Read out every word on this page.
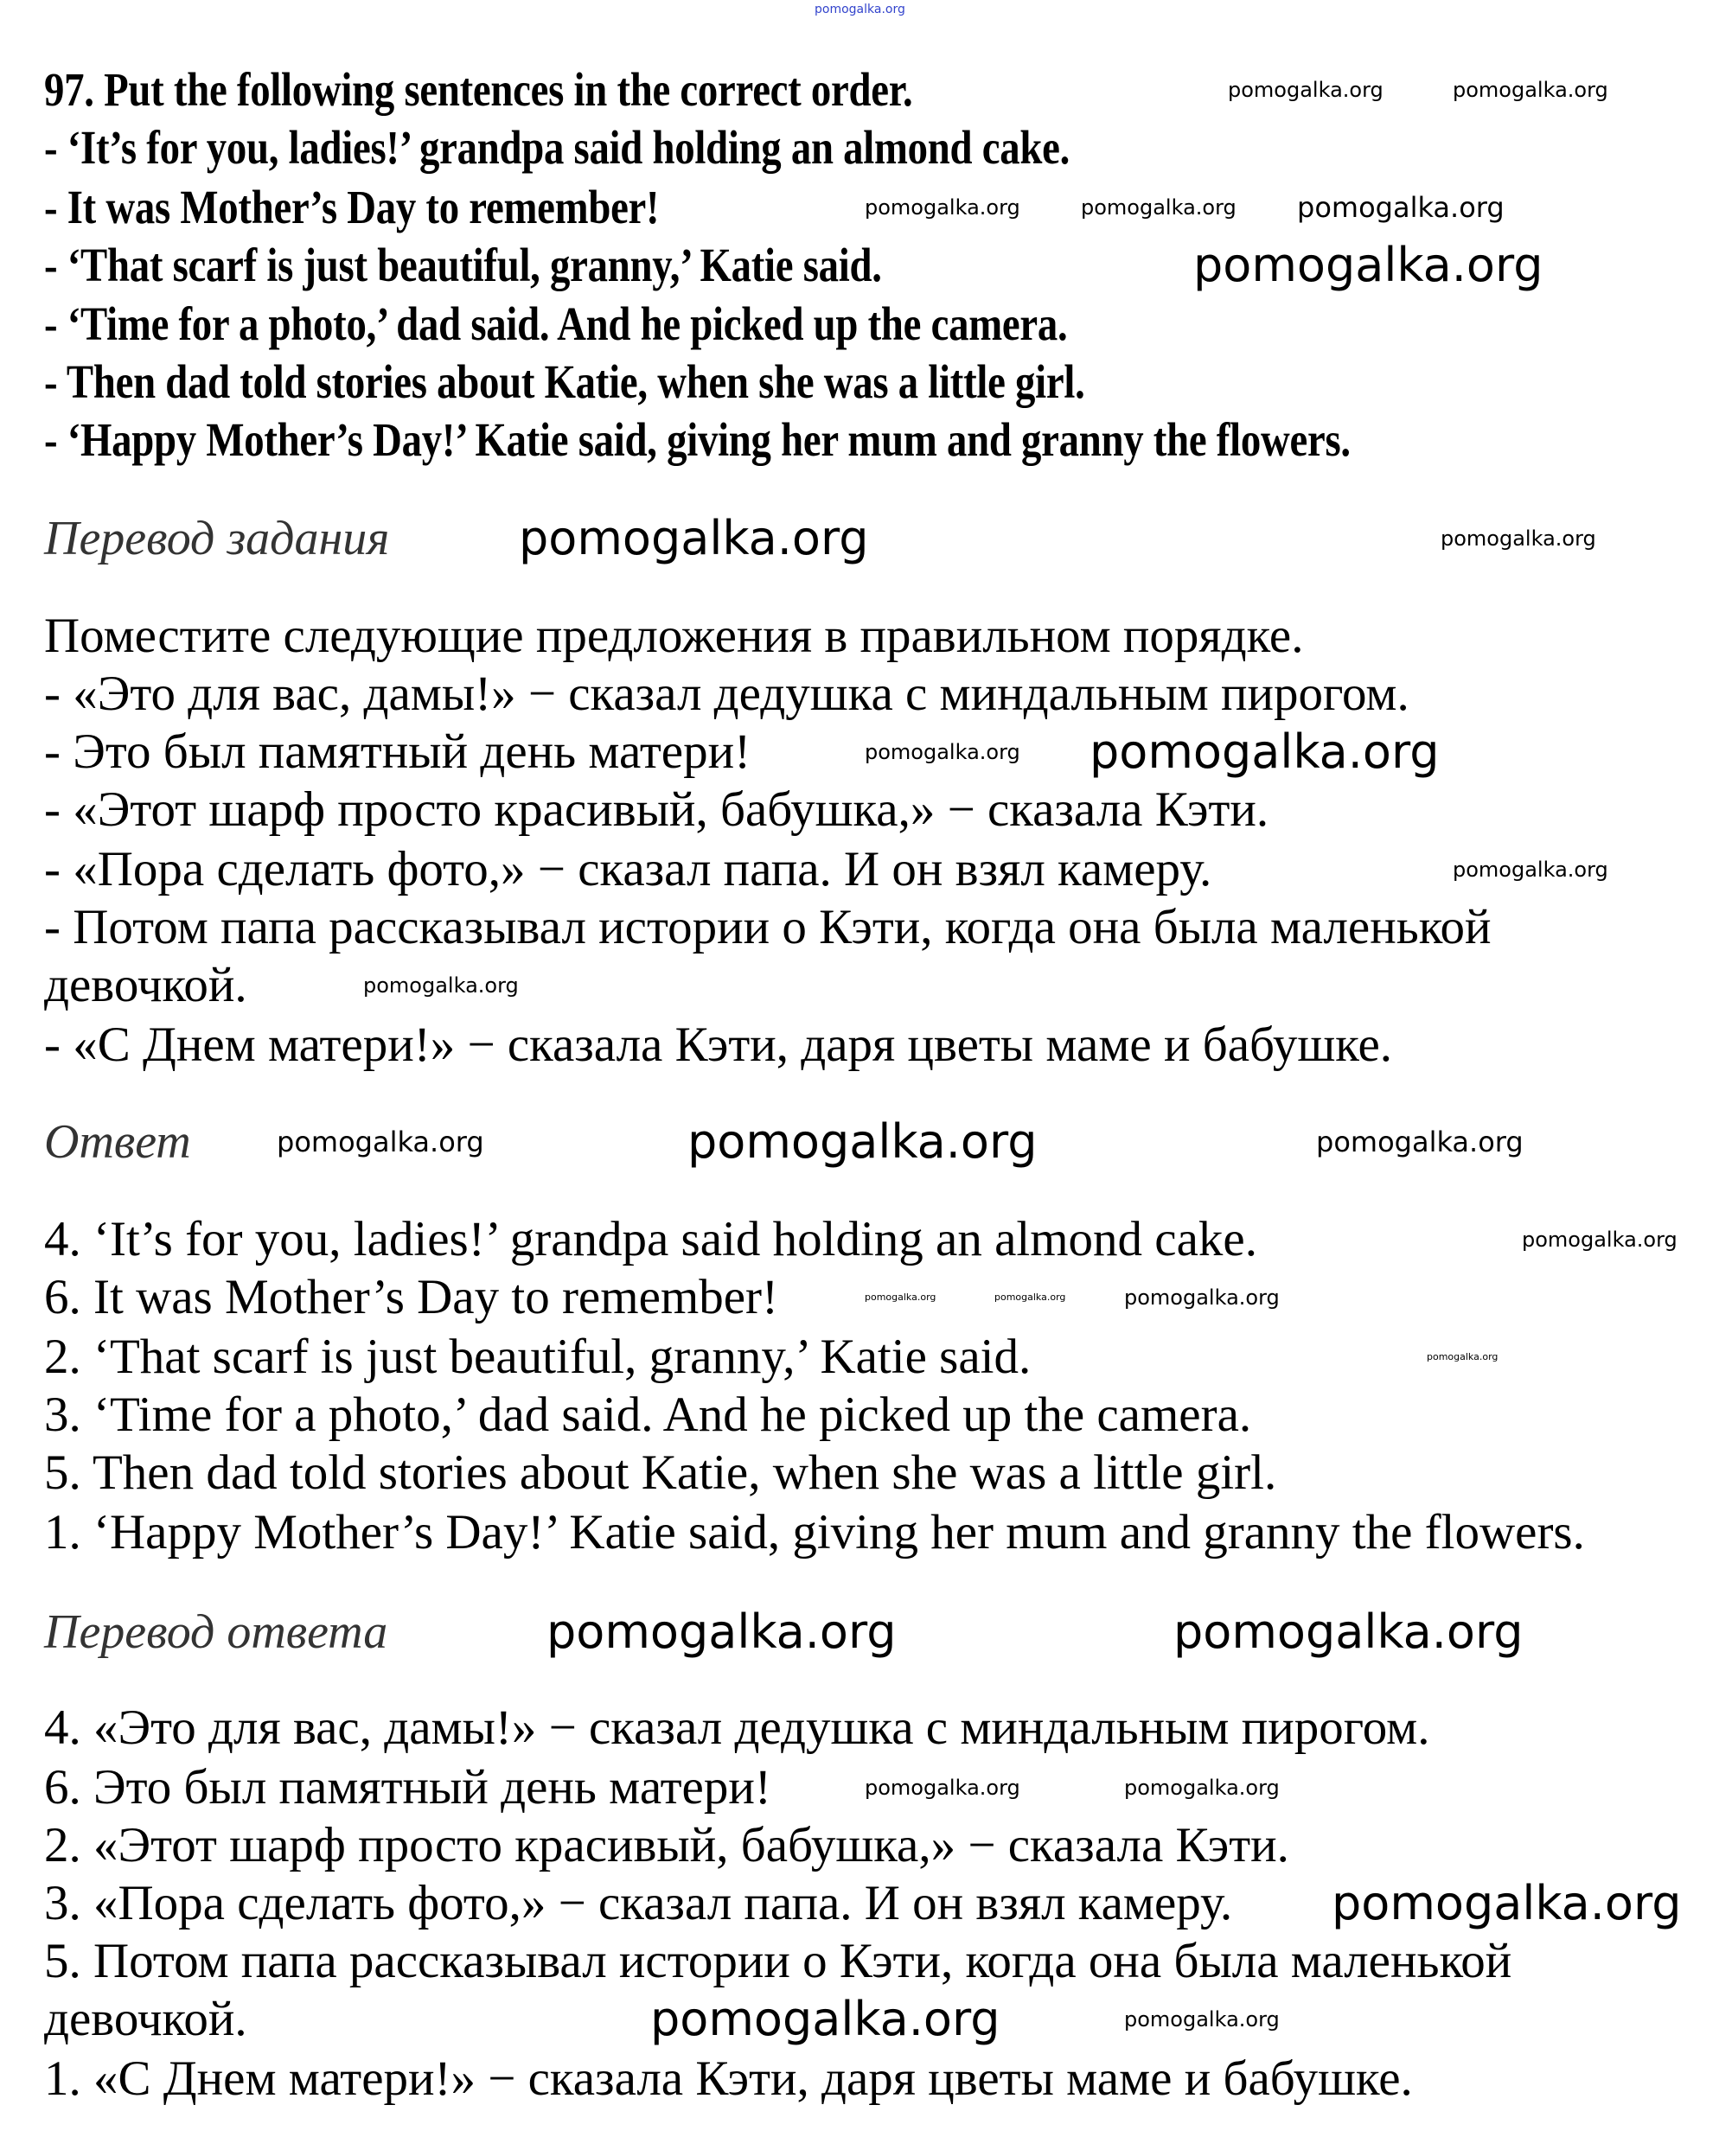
97. Put the following sentences in the correct order.
- ‘It’s for you, ladies!’ grandpa said holding an almond cake.
- It was Mother’s Day to remember!
- ‘That scarf is just beautiful, granny,’ Katie said.
- ‘Time for a photo,’ dad said. And he picked up the camera.
- Then dad told stories about Katie, when she was a little girl.
- ‘Happy Mother’s Day!’ Katie said, giving her mum and granny the flowers.
Перевод задания
Поместите следующие предложения в правильном порядке.
- «Это для вас, дамы!» − сказал дедушка с миндальным пирогом.
- Это был памятный день матери!
- «Этот шарф просто красивый, бабушка,» − сказала Кэти.
- «Пора сделать фото,» − сказал папа. И он взял камеру.
- Потом папа рассказывал истории о Кэти, когда она была маленькой
девочкой.
- «С Днем матери!» − сказала Кэти, даря цветы маме и бабушке.
Ответ
4. ‘It’s for you, ladies!’ grandpa said holding an almond cake.
6. It was Mother’s Day to remember!
2. ‘That scarf is just beautiful, granny,’ Katie said.
3. ‘Time for a photo,’ dad said. And he picked up the camera.
5. Then dad told stories about Katie, when she was a little girl.
1. ‘Happy Mother’s Day!’ Katie said, giving her mum and granny the flowers.
Перевод ответа
4. «Это для вас, дамы!» − сказал дедушка с миндальным пирогом.
6. Это был памятный день матери!
2. «Этот шарф просто красивый, бабушка,» − сказала Кэти.
3. «Пора сделать фото,» − сказал папа. И он взял камеру.
5. Потом папа рассказывал истории о Кэти, когда она была маленькой
девочкой.
1. «С Днем матери!» − сказала Кэти, даря цветы маме и бабушке.
pomogalka.org
pomogalka.org	pomogalka.org
pomogalka.org	pomogalka.org pomogalka.org
pomogalka.org
pomogalka.org	pomogalka.org
pomogalka.org pomogalka.org
pomogalka.org
pomogalka.org
pomogalka.org	pomogalka.org
pomogalka.org
pomogalka.org
pomogalka.org
pomogalka.org	pomogalka.org	pomogalka.org
pomogalka.org	pomogalka.org
pomogalka.org	pomogalka.org
pomogalka.org
pomogalka.org	pomogalka.org
